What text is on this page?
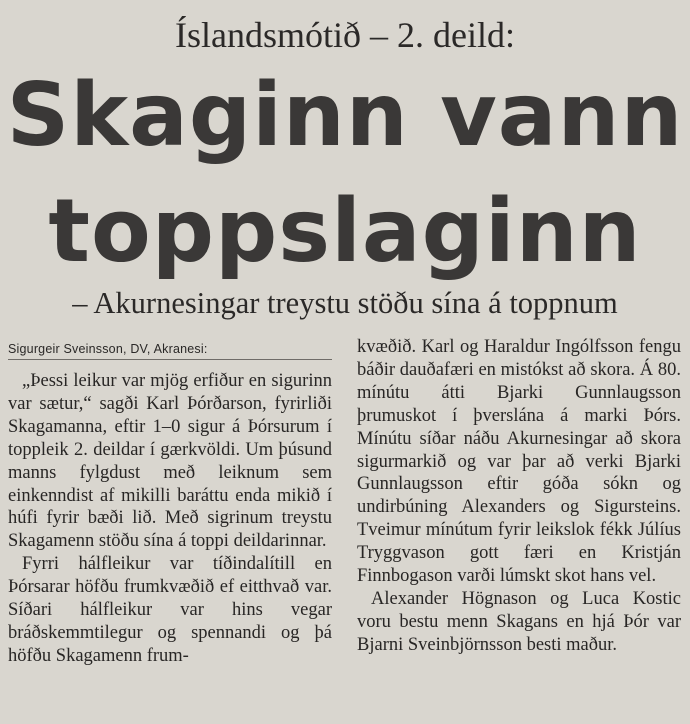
Íslandsmótið – 2. deild:
Skaginn vann
toppslaginn
– Akurnesingar treystu stöðu sína á toppnum
Sigurgeir Sveinsson, DV, Akranesi:

„Þessi leikur var mjög erfiður en sigurinn var sætur,“ sagði Karl Þórðarson, fyrirliði Skagamanna, eftir 1–0 sigur á Þórsurum í toppleik 2. deildar í gærkvöldi. Um þúsund manns fylgdust með leiknum sem einkenndist af mikilli baráttu enda mikið í húfi fyrir bæði lið. Með sigrinum treystu Skagamenn stöðu sína á toppi deildarinnar.

Fyrri hálfleikur var tíðindalítill en Þórsarar höfðu frumkvæðið ef eitthvað var. Síðari hálfleikur var hins vegar bráðskemmtilegur og spennandi og þá höfðu Skagamenn frum-

kvæðið. Karl og Haraldur Ingólfsson fengu báðir dauðafæri en mistókst að skora. Á 80. mínútu átti Bjarki Gunnlaugsson þrumuskot í þverslána á marki Þórs. Mínútu síðar náðu Akurnesingar að skora sigurmarkið og var þar að verki Bjarki Gunnlaugsson eftir góða sókn og undirbúning Alexanders og Sigursteins. Tveimur mínútum fyrir leikslok fékk Júlíus Tryggvason gott færi en Kristján Finnbogason varði lúmskt skot hans vel.

Alexander Högnason og Luca Kostic voru bestu menn Skagans en hjá Þór var Bjarni Sveinbjörnsson besti maður.
